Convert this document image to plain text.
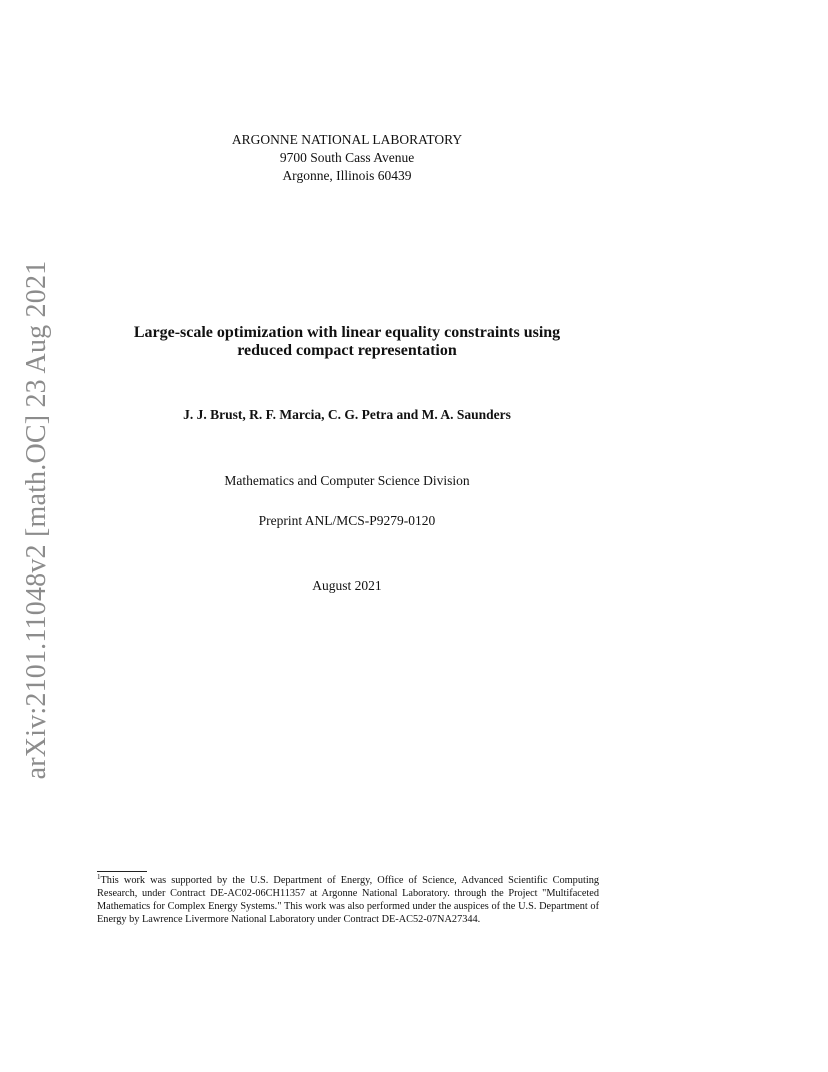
arXiv:2101.11048v2 [math.OC] 23 Aug 2021
ARGONNE NATIONAL LABORATORY
9700 South Cass Avenue
Argonne, Illinois 60439
Large-scale optimization with linear equality constraints using
reduced compact representation
J. J. Brust, R. F. Marcia, C. G. Petra and M. A. Saunders
Mathematics and Computer Science Division
Preprint ANL/MCS-P9279-0120
August 2021
$^1$This work was supported by the U.S. Department of Energy, Office of Science, Advanced Scientific Computing Research, under Contract DE-AC02-06CH11357 at Argonne National Laboratory. through the Project "Multifaceted Mathematics for Complex Energy Systems." This work was also performed under the auspices of the U.S. Department of Energy by Lawrence Livermore National Laboratory under Contract DE-AC52-07NA27344.
